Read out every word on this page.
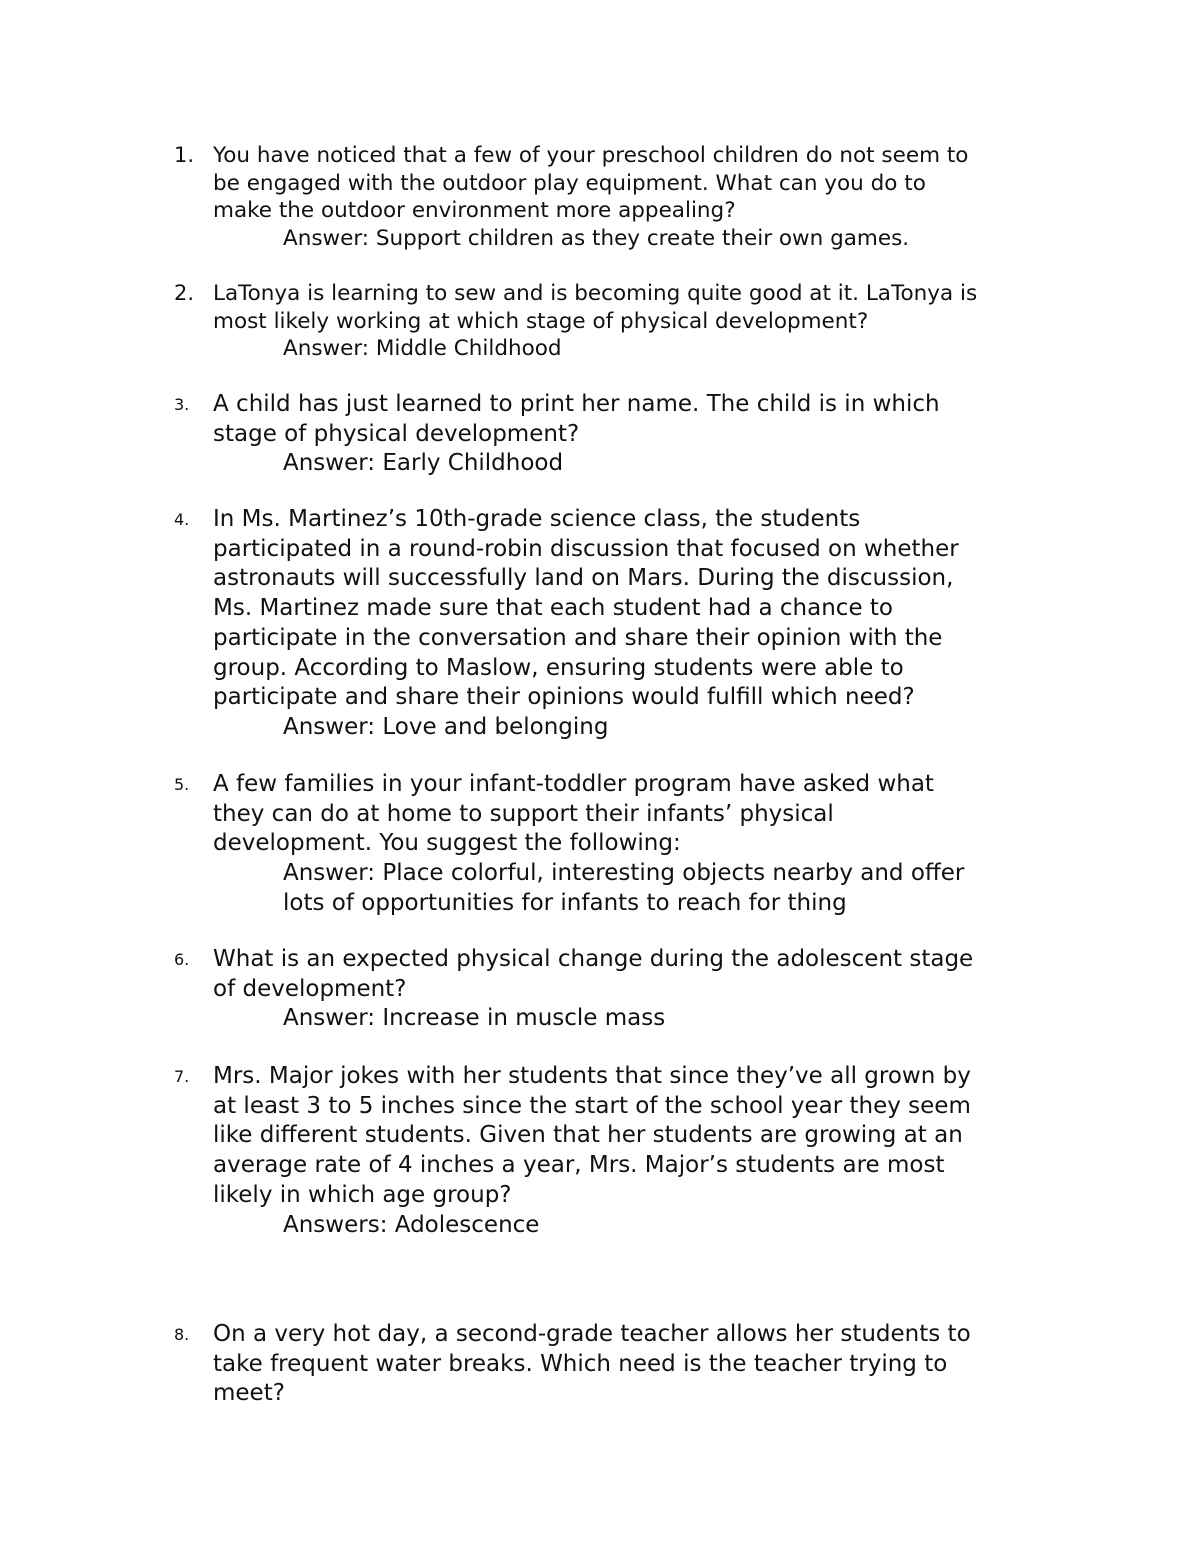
1. You have noticed that a few of your preschool children do not seem to
be engaged with the outdoor play equipment. What can you do to
make the outdoor environment more appealing?
Answer: Support children as they create their own games.
2. LaTonya is learning to sew and is becoming quite good at it. LaTonya is
most likely working at which stage of physical development?
Answer: Middle Childhood
3.	A child has just learned to print her name. The child is in which
stage of physical development?
Answer: Early Childhood
4.	In Ms. Martinez’s 10th-grade science class, the students
participated in a round-robin discussion that focused on whether
astronauts will successfully land on Mars. During the discussion,
Ms. Martinez made sure that each student had a chance to
participate in the conversation and share their opinion with the
group. According to Maslow, ensuring students were able to
participate and share their opinions would fulfill which need?
Answer: Love and belonging
5.	A few families in your infant-toddler program have asked what
they can do at home to support their infants’ physical
development. You suggest the following:
Answer: Place colorful, interesting objects nearby and offer
lots of opportunities for infants to reach for thing
6.	What is an expected physical change during the adolescent stage
of development?
Answer: Increase in muscle mass
7.	Mrs. Major jokes with her students that since they’ve all grown by
at least 3 to 5 inches since the start of the school year they seem
like different students. Given that her students are growing at an
average rate of 4 inches a year, Mrs. Major’s students are most
likely in which age group?
Answers: Adolescence
8.	On a very hot day, a second-grade teacher allows her students to
take frequent water breaks. Which need is the teacher trying to
meet?
